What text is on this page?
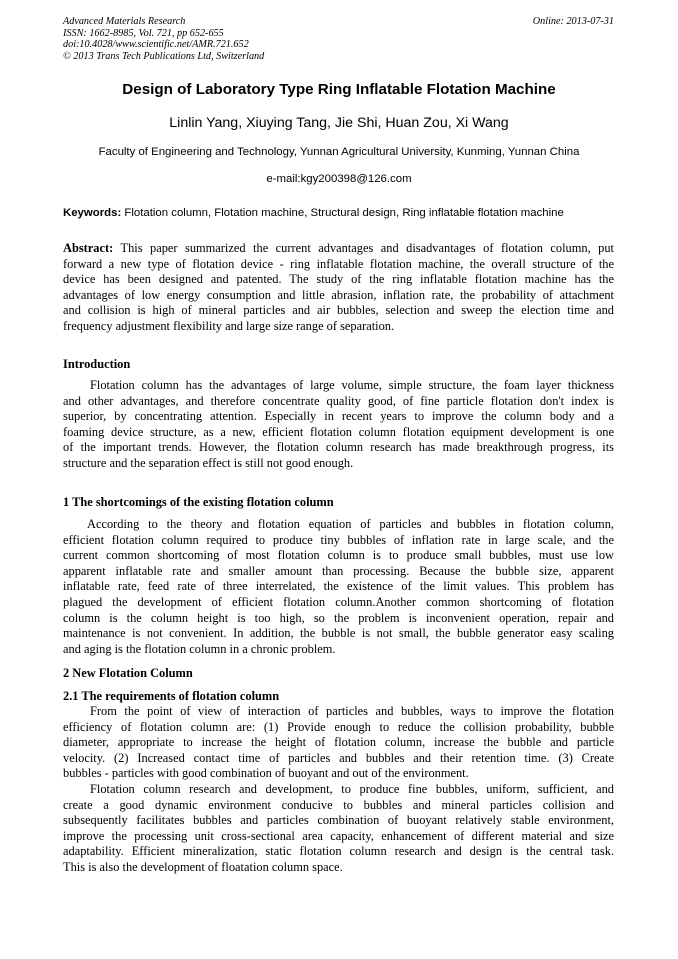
Advanced Materials Research
ISSN: 1662-8985, Vol. 721, pp 652-655
doi:10.4028/www.scientific.net/AMR.721.652
© 2013 Trans Tech Publications Ltd, Switzerland
Online: 2013-07-31
Design of Laboratory Type Ring Inflatable Flotation Machine
Linlin Yang, Xiuying Tang, Jie Shi, Huan Zou, Xi Wang
Faculty of Engineering and Technology, Yunnan Agricultural University, Kunming, Yunnan China
e-mail:kgy200398@126.com
Keywords: Flotation column, Flotation machine, Structural design, Ring inflatable flotation machine
Abstract: This paper summarized the current advantages and disadvantages of flotation column, put
forward a new type of flotation device - ring inflatable flotation machine, the overall structure of the
device has been designed and patented. The study of the ring inflatable flotation machine has the
advantages of low energy consumption and little abrasion, inflation rate, the probability of attachment
and collision is high of mineral particles and air bubbles, selection and sweep the election time and
frequency adjustment flexibility and large size range of separation.
Introduction
Flotation column has the advantages of large volume, simple structure, the foam layer thickness
and other advantages, and therefore concentrate quality good, of fine particle flotation don't index is
superior, by concentrating attention. Especially in recent years to improve the column body and a
foaming device structure, as a new, efficient flotation column flotation equipment development is one
of the important trends. However, the flotation column research has made breakthrough progress, its
structure and the separation effect is still not good enough.
1 The shortcomings of the existing flotation column
According to the theory and flotation equation of particles and bubbles in flotation column,
efficient flotation column required to produce tiny bubbles of inflation rate in large scale, and the
current common shortcoming of most flotation column is to produce small bubbles, must use low
apparent inflatable rate and smaller amount than processing. Because the bubble size, apparent
inflatable rate, feed rate of three interrelated, the existence of the limit values. This problem has
plagued the development of efficient flotation column.Another common shortcoming of flotation
column is the column height is too high, so the problem is inconvenient operation, repair and
maintenance is not convenient. In addition, the bubble is not small, the bubble generator easy scaling
and aging is the flotation column in a chronic problem.
2 New Flotation Column
2.1 The requirements of flotation column
From the point of view of interaction of particles and bubbles, ways to improve the flotation
efficiency of flotation column are: (1) Provide enough to reduce the collision probability, bubble
diameter, appropriate to increase the height of flotation column, increase the bubble and particle
velocity. (2) Increased contact time of particles and bubbles and their retention time. (3) Create
bubbles - particles with good combination of buoyant and out of the environment.
Flotation column research and development, to produce fine bubbles, uniform, sufficient, and
create a good dynamic environment conducive to bubbles and mineral particles collision and
subsequently facilitates bubbles and particles combination of buoyant relatively stable environment,
improve the processing unit cross-sectional area capacity, enhancement of different material and size
adaptability. Efficient mineralization, static flotation column research and design is the central task.
This is also the development of floatation column space.
